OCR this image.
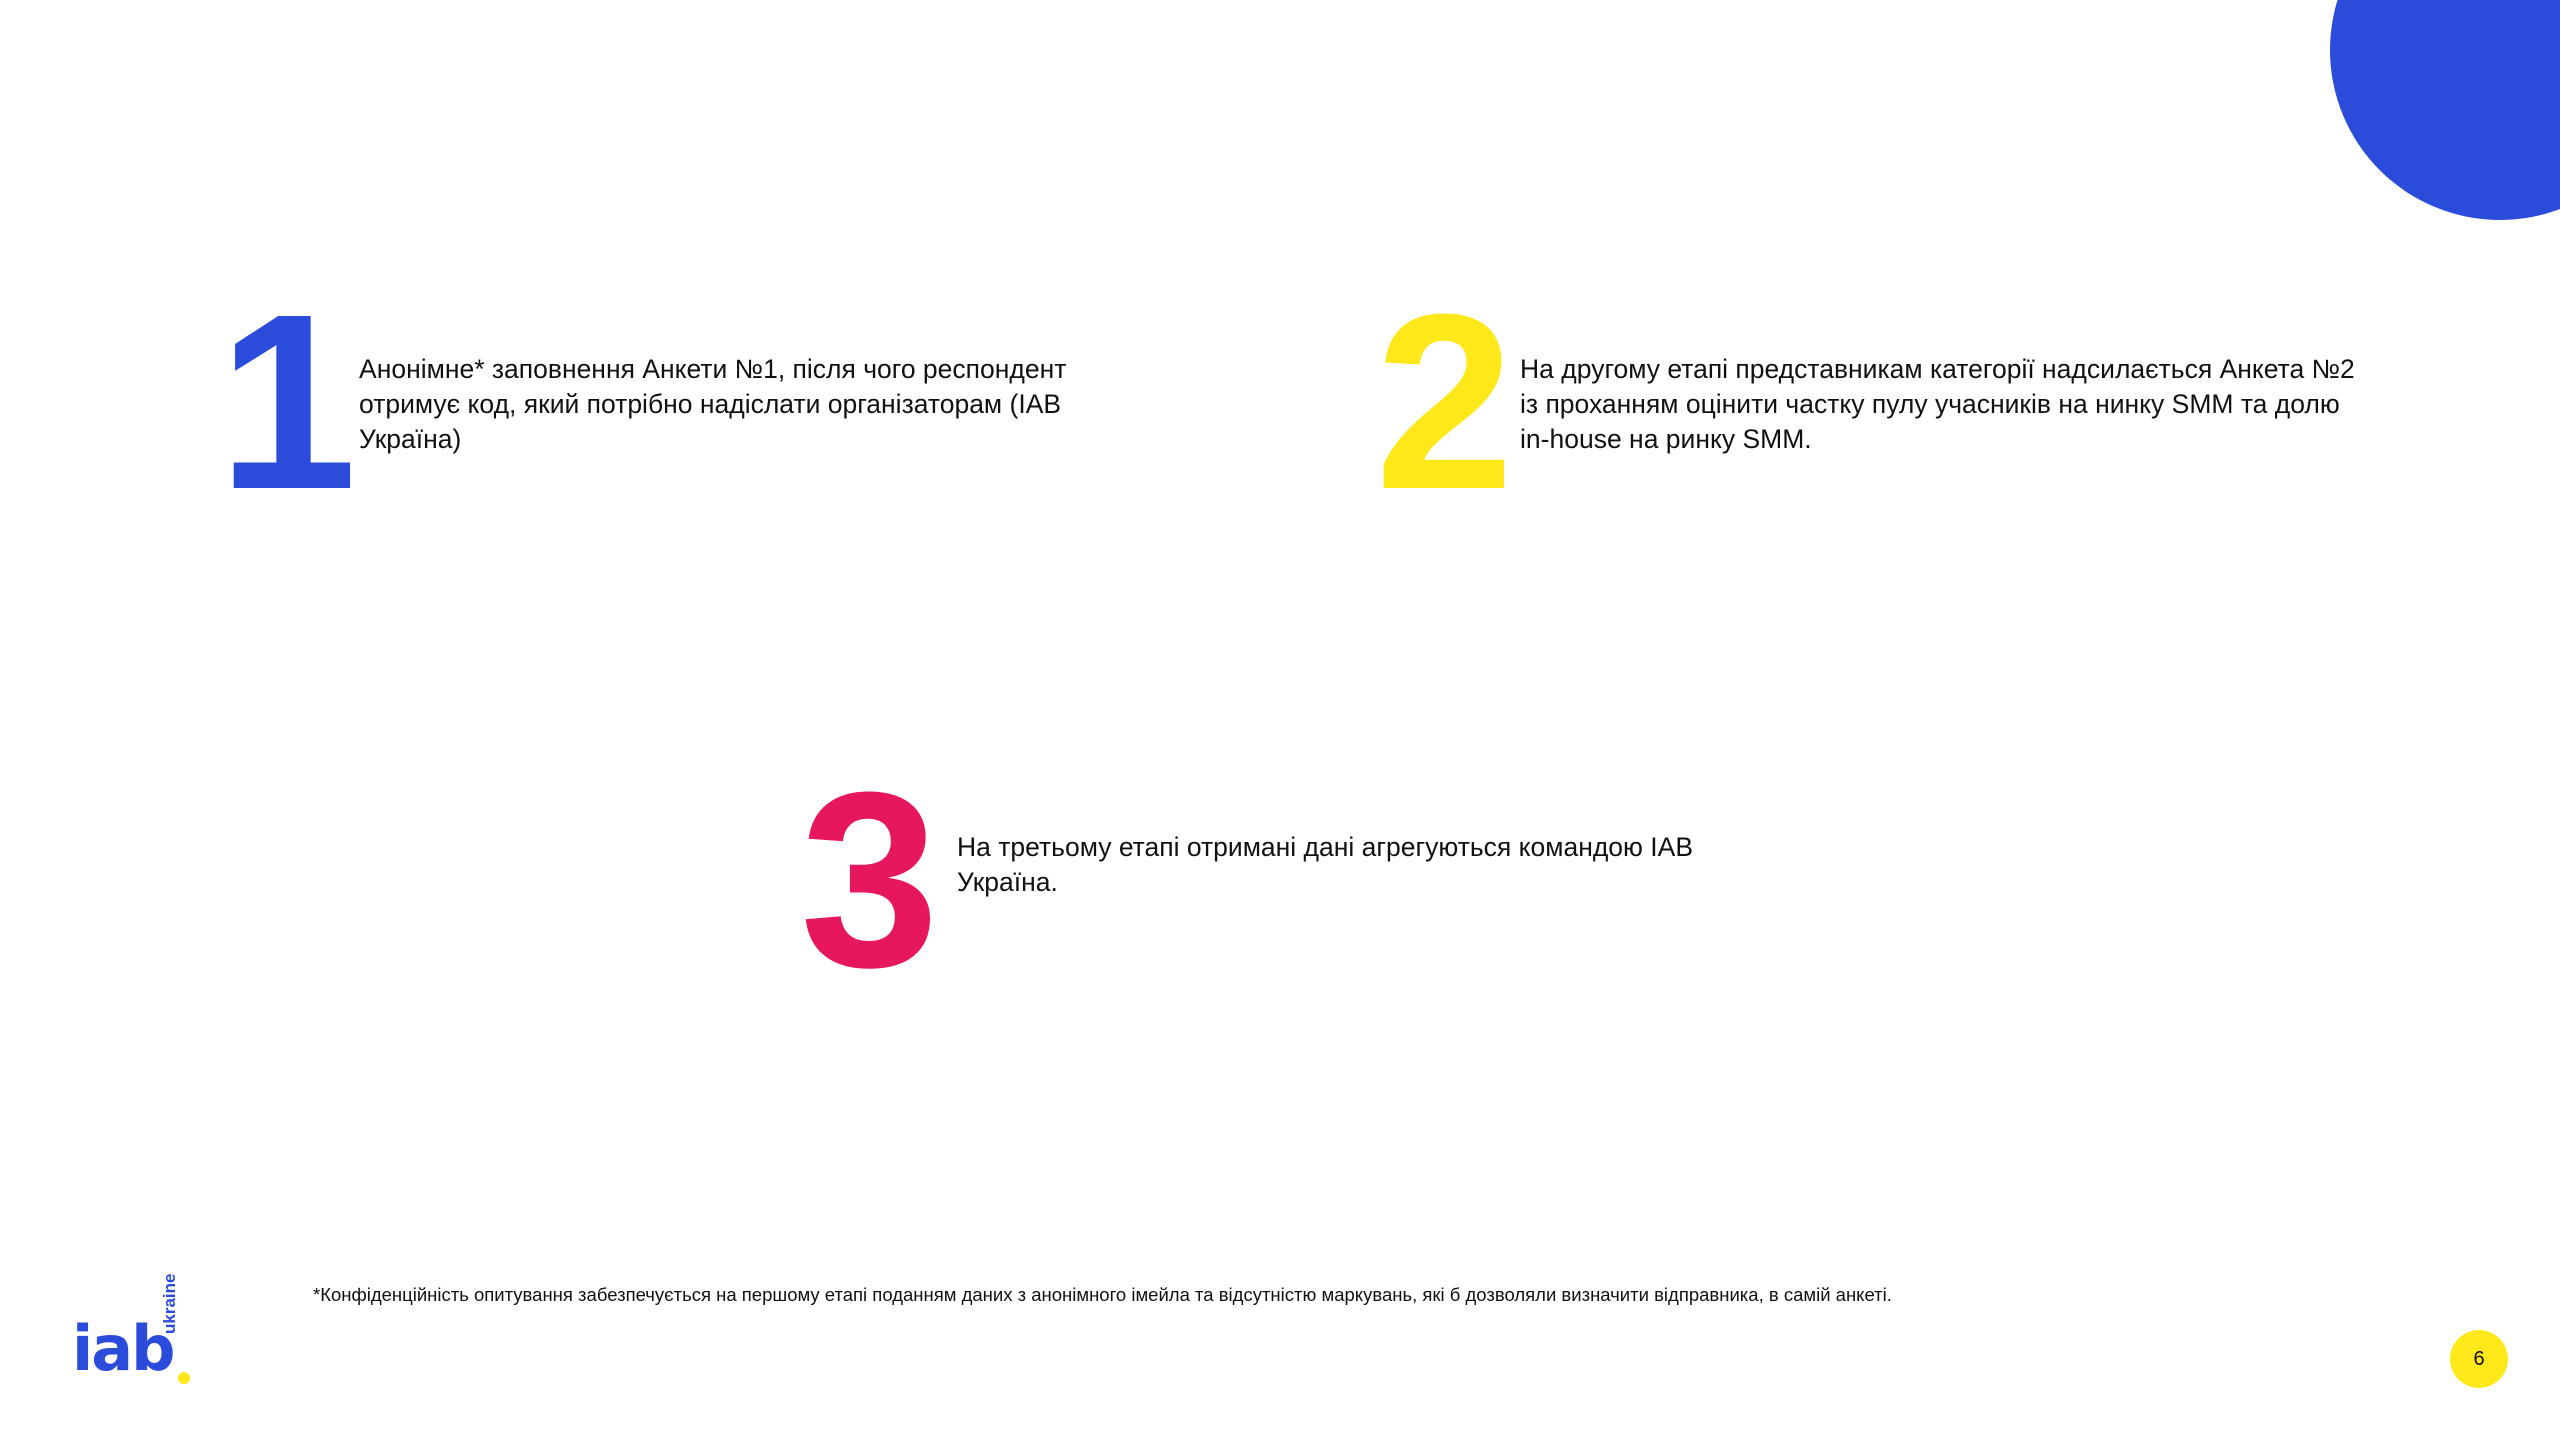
1 Анонімне* заповнення Анкети №1, після чого респондент отримує код, який потрібно надіслати організаторам (IAB Україна)	2 На другому етапі представникам категорії надсилається Анкета №2 із проханням оцінити частку пулу учасників на нинку SMM та долю in-house на ринку SMM.
3 На третьому етапі отримані дані агрегуються командою IAB Україна.
*Конфіденційність опитування забезпечується на першому етапі поданням даних з анонімного імейла та відсутністю маркувань, які б дозволяли визначити відправника, в самій анкеті.
iab
ukraine
6
